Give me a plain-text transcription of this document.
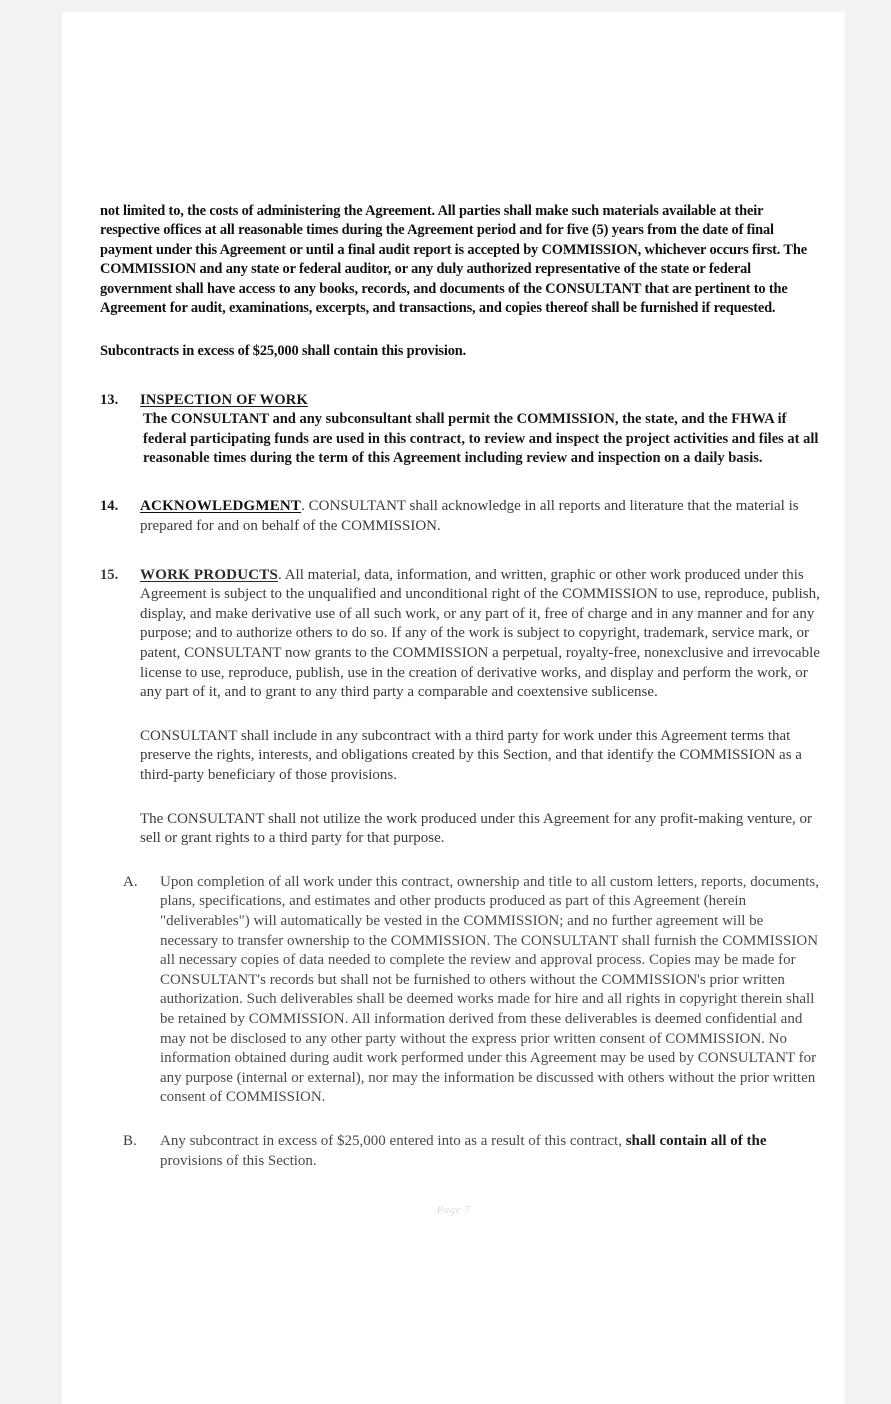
not limited to, the costs of administering the Agreement. All parties shall make such materials available at their respective offices at all reasonable times during the Agreement period and for five (5) years from the date of final payment under this Agreement or until a final audit report is accepted by COMMISSION, whichever occurs first. The COMMISSION and any state or federal auditor, or any duly authorized representative of the state or federal government shall have access to any books, records, and documents of the CONSULTANT that are pertinent to the Agreement for audit, examinations, excerpts, and transactions, and copies thereof shall be furnished if requested.

Subcontracts in excess of $25,000 shall contain this provision.

13.	INSPECTION OF WORK

The CONSULTANT and any subconsultant shall permit the COMMISSION, the state, and the FHWA if federal participating funds are used in this contract, to review and inspect the project activities and files at all reasonable times during the term of this Agreement including review and inspection on a daily basis.

14.	ACKNOWLEDGMENT. CONSULTANT shall acknowledge in all reports and literature that the material is prepared for and on behalf of the COMMISSION.

15.	WORK PRODUCTS. All material, data, information, and written, graphic or other work produced under this Agreement is subject to the unqualified and unconditional right of the COMMISSION to use, reproduce, publish, display, and make derivative use of all such work, or any part of it, free of charge and in any manner and for any purpose; and to authorize others to do so. If any of the work is subject to copyright, trademark, service mark, or patent, CONSULTANT now grants to the COMMISSION a perpetual, royalty-free, nonexclusive and irrevocable license to use, reproduce, publish, use in the creation of derivative works, and display and perform the work, or any part of it, and to grant to any third party a comparable and coextensive sublicense.

CONSULTANT shall include in any subcontract with a third party for work under this Agreement terms that preserve the rights, interests, and obligations created by this Section, and that identify the COMMISSION as a third-party beneficiary of those provisions.

The CONSULTANT shall not utilize the work produced under this Agreement for any profit-making venture, or sell or grant rights to a third party for that purpose.

A.	Upon completion of all work under this contract, ownership and title to all custom letters, reports, documents, plans, specifications, and estimates and other products produced as part of this Agreement (herein "deliverables") will automatically be vested in the COMMISSION; and no further agreement will be necessary to transfer ownership to the COMMISSION. The CONSULTANT shall furnish the COMMISSION all necessary copies of data needed to complete the review and approval process. Copies may be made for CONSULTANT's records but shall not be furnished to others without the COMMISSION's prior written authorization. Such deliverables shall be deemed works made for hire and all rights in copyright therein shall be retained by COMMISSION. All information derived from these deliverables is deemed confidential and may not be disclosed to any other party without the express prior written consent of COMMISSION. No information obtained during audit work performed under this Agreement may be used by CONSULTANT for any purpose (internal or external), nor may the information be discussed with others without the prior written consent of COMMISSION.

B.	Any subcontract in excess of $25,000 entered into as a result of this contract, shall contain all of the provisions of this Section.

Page 7
